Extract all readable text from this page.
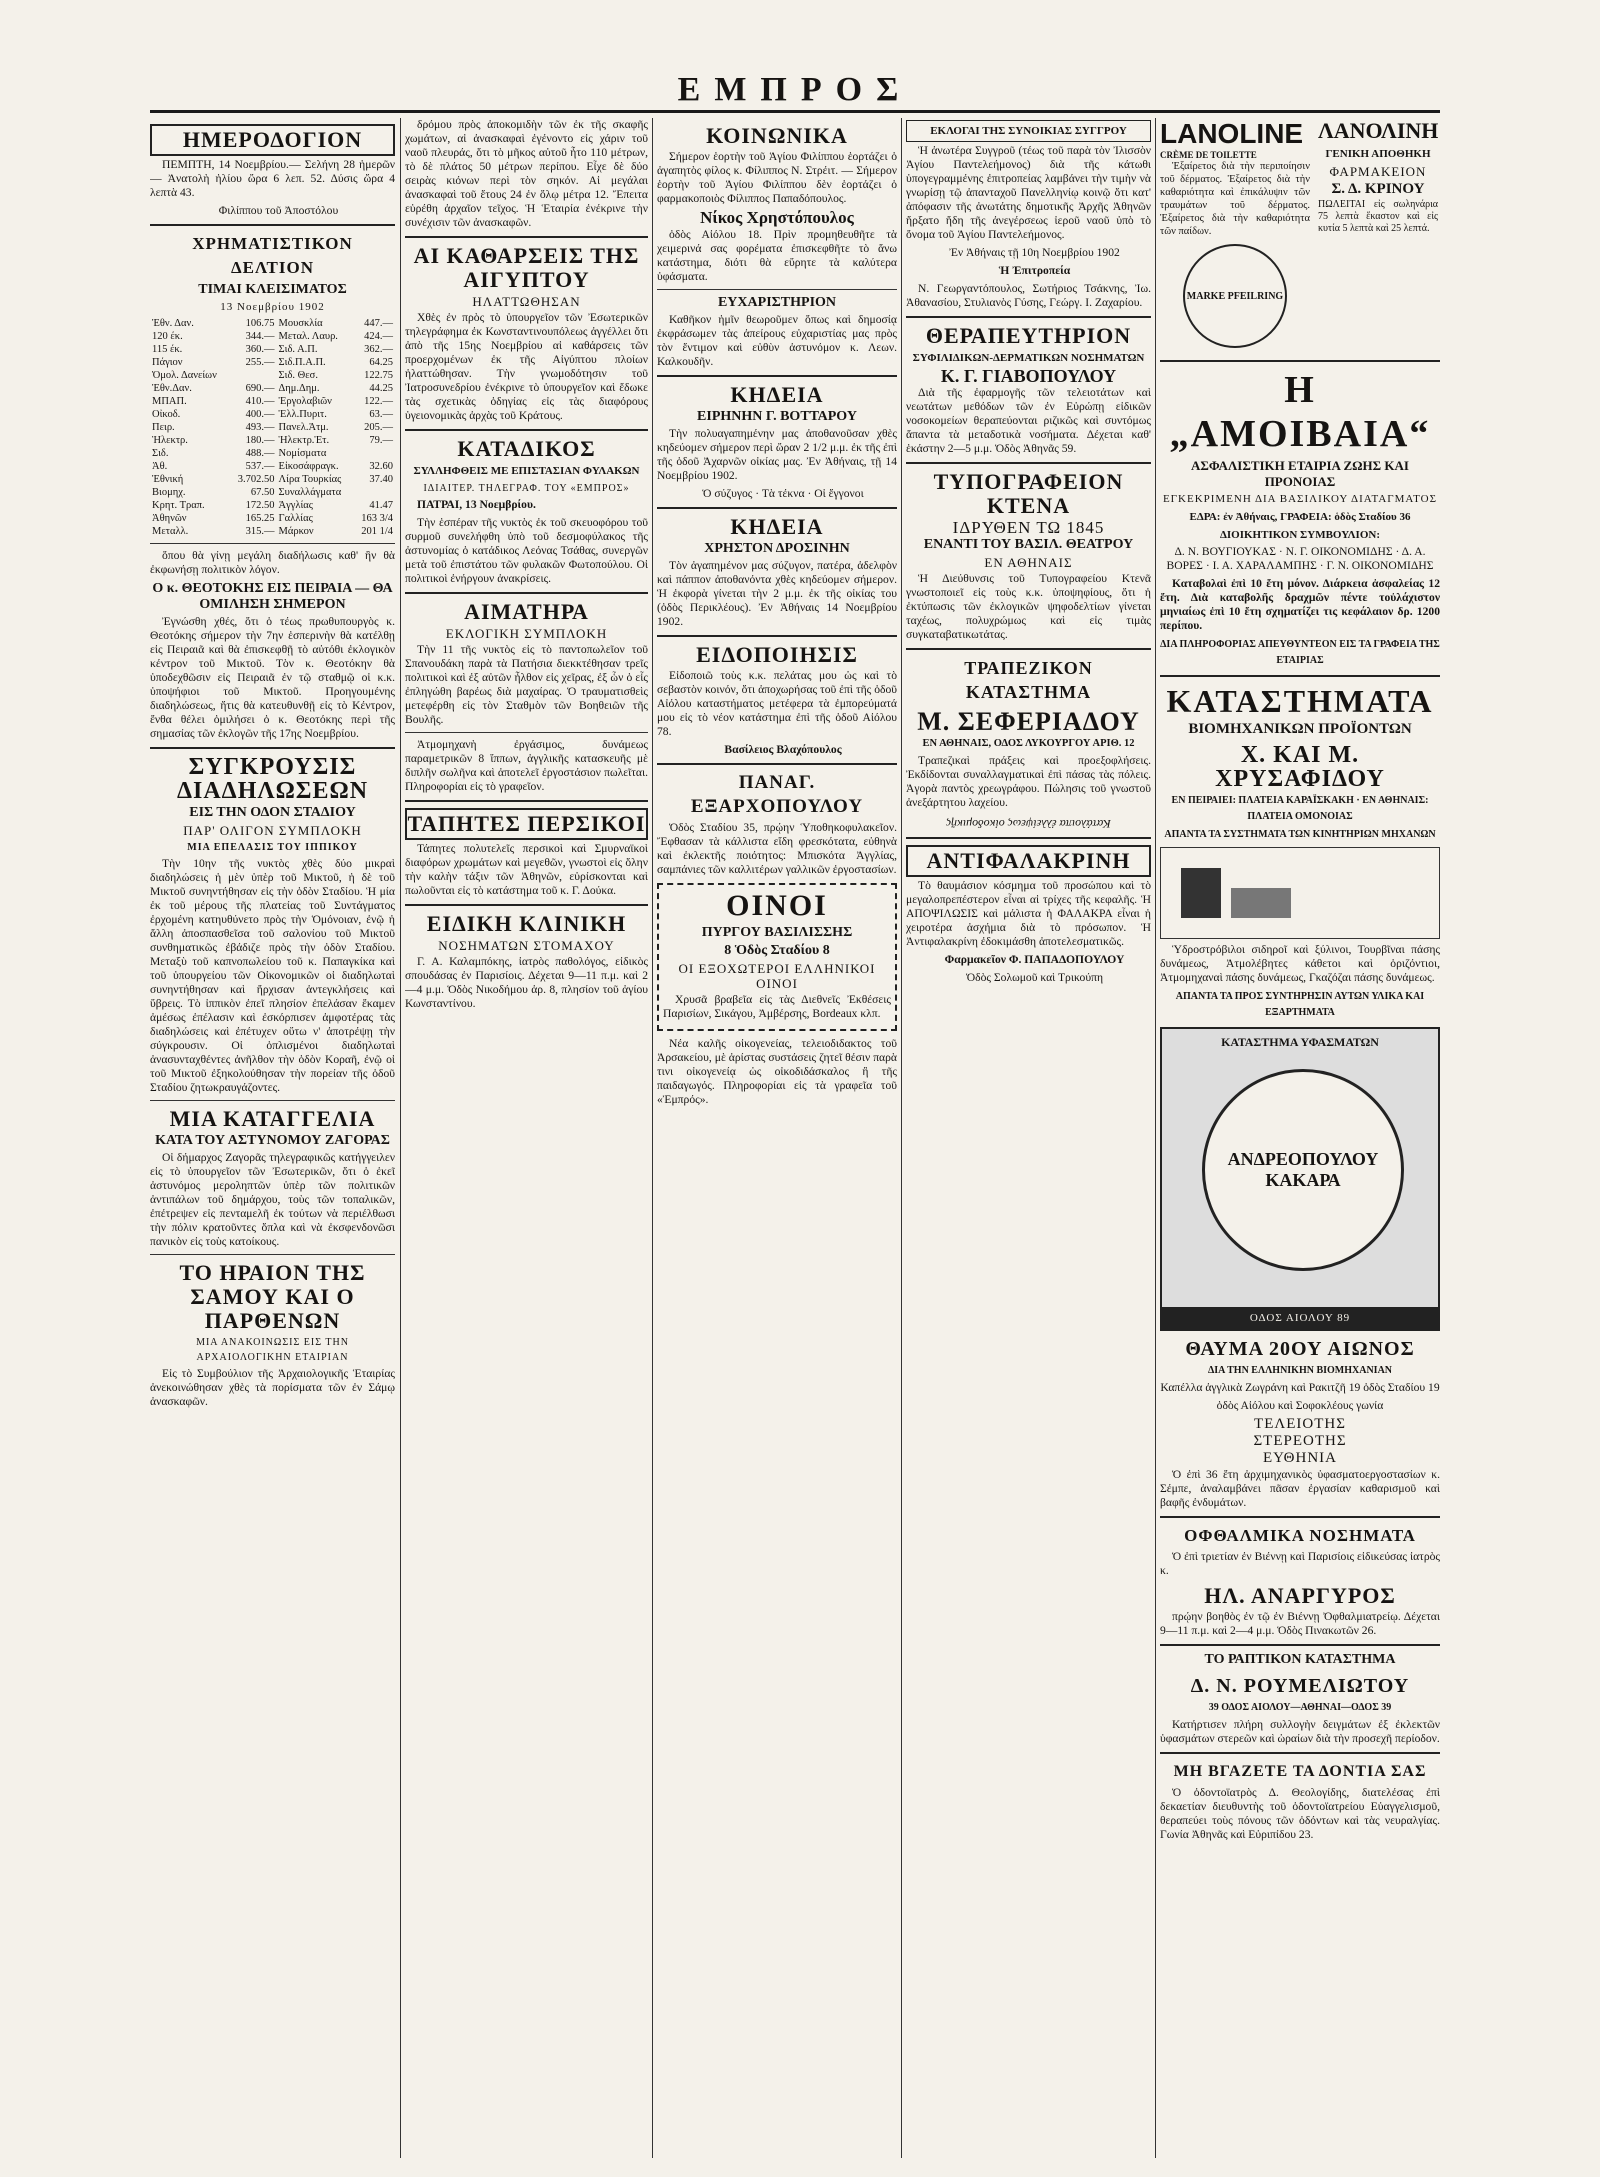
ΕΜΠΡΟΣ
ΗΜΕΡΟΔΟΓΙΟΝ

ΠΕΜΠΤΗ, 14 Νοεμβρίου.— Σελήνη 28 ἡμερῶν — Ἀνατολὴ ἡλίου ὥρα 6 λεπ. 52. Δύσις ὥρα 4 λεπτὰ 43.

Φιλίππου τοῦ Ἀποστόλου

ΧΡΗΜΑΤΙΣΤΙΚΟΝ ΔΕΛΤΙΟΝ
ΤΙΜΑΙ ΚΛΕΙΣΙΜΑΤΟΣ
13 Νοεμβρίου 1902
Ἐθν. Δαν.	106.75	Μουσκλία	447.—
120 έκ.	344.—	Μεταλ. Λαυρ.	424.—
115 έκ.	360.—	Σιδ. Α.Π.	362.—
Πάγιον	255.—	Σιδ.Π.Α.Π.	64.25
Ὁμολ. Δανείων		Σιδ. Θεσ.	122.75
Ἐθν.Δαν.	690.—	Δημ.Δημ.	44.25
ΜΠΑΠ.	410.—	Ἐργολαβιῶν	122.—
Οἰκοδ.	400.—	Ἑλλ.Πυριτ.	63.—
Πειρ.	493.—	Πανελ.Ἀτμ.	205.—
Ἡλεκτρ.	180.—	Ἡλεκτρ.Ἐτ.	79.—
Σιδ.	488.—	Νομίσματα	
Ἀθ.	537.—	Εἰκοσάφραγκ.	32.60
Ἐθνική	3.702.50	Λίρα Τουρκίας	37.40
Βιομηχ.	67.50	Συναλλάγματα	
Κρητ. Τραπ.	172.50	Ἀγγλίας	41.47
Ἀθηνῶν	165.25	Γαλλίας	163 3/4
Μεταλλ.	315.—	Μάρκον	201 1/4

ὅπου θὰ γίνῃ μεγάλη διαδήλωσις καθ' ἣν θὰ ἐκφωνήσῃ πολιτικὸν λόγον.

Ο κ. ΘΕΟΤΟΚΗΣ ΕΙΣ ΠΕΙΡΑΙΑ — ΘΑ ΟΜΙΛΗΣΗ ΣΗΜΕΡΟΝ

Ἐγνώσθη χθές, ὅτι ὁ τέως πρωθυπουργὸς κ. Θεοτόκης σήμερον τὴν 7ην ἑσπερινὴν θὰ κατέλθῃ εἰς Πειραιᾶ καὶ θὰ ἐπισκεφθῇ τὸ αὐτόθι ἐκλογικὸν κέντρον τοῦ Μικτοῦ. Τὸν κ. Θεοτόκην θὰ ὑποδεχθῶσιν εἰς Πειραιᾶ ἐν τῷ σταθμῷ οἱ κ.κ. ὑποψήφιοι τοῦ Μικτοῦ. Προηγουμένης διαδηλώσεως, ἥτις θὰ κατευθυνθῇ εἰς τὸ Κέντρον, ἔνθα θέλει ὁμιλήσει ὁ κ. Θεοτόκης περὶ τῆς σημασίας τῶν ἐκλογῶν τῆς 17ης Νοεμβρίου.

ΣΥΓΚΡΟΥΣΙΣ ΔΙΑΔΗΛΩΣΕΩΝ
ΕΙΣ ΤΗΝ ΟΔΟΝ ΣΤΑΔΙΟΥ
ΠΑΡ' ΟΛΙΓΟΝ ΣΥΜΠΛΟΚΗ
ΜΙΑ ΕΠΕΛΑΣΙΣ ΤΟΥ ΙΠΠΙΚΟΥ

Τὴν 10ην τῆς νυκτὸς χθὲς δύο μικραὶ διαδηλώσεις ἡ μὲν ὑπὲρ τοῦ Μικτοῦ, ἡ δὲ τοῦ Μικτοῦ συνηντήθησαν εἰς τὴν ὁδὸν Σταδίου. Ἡ μία ἐκ τοῦ μέρους τῆς πλατείας τοῦ Συντάγματος ἐρχομένη κατηυθύνετο πρὸς τὴν Ὁμόνοιαν, ἐνῷ ἡ ἄλλη ἀποσπασθεῖσα τοῦ σαλονίου τοῦ Μικτοῦ συνθηματικῶς ἐβάδιζε πρὸς τὴν ὁδὸν Σταδίου. Μεταξὺ τοῦ καπνοπωλείου τοῦ κ. Παπαγκίκα καὶ τοῦ ὑπουργείου τῶν Οἰκονομικῶν οἱ διαδηλωταὶ συνηντήθησαν καὶ ἤρχισαν ἀντεγκλήσεις καὶ ὕβρεις. Τὸ ἱππικὸν ἐπεῖ πλησίον ἐπελάσαν ἔκαμεν ἀμέσως ἐπέλασιν καὶ ἐσκόρπισεν ἀμφοτέρας τὰς διαδηλώσεις καὶ ἐπέτυχεν οὕτω ν' ἀποτρέψῃ τὴν σύγκρουσιν. Οἱ ὁπλισμένοι διαδηλωταὶ ἀνασυνταχθέντες ἀνῆλθον τὴν ὁδὸν Κοραῆ, ἐνῷ οἱ τοῦ Μικτοῦ ἐξηκολούθησαν τὴν πορείαν τῆς ὁδοῦ Σταδίου ζητωκραυγάζοντες.

ΜΙΑ ΚΑΤΑΓΓΕΛΙΑ
ΚΑΤΑ ΤΟΥ ΑΣΤΥΝΟΜΟΥ ΖΑΓΟΡΑΣ

Οἱ δήμαρχος Ζαγορᾶς τηλεγραφικῶς κατήγγειλεν εἰς τὸ ὑπουργεῖον τῶν Ἐσωτερικῶν, ὅτι ὁ ἐκεῖ ἀστυνόμος μεροληπτῶν ὑπὲρ τῶν πολιτικῶν ἀντιπάλων τοῦ δημάρχου, τοὺς τῶν τοπαλικῶν, ἐπέτρεψεν εἰς πενταμελῆ ἐκ τούτων νὰ περιέλθωσι τὴν πόλιν κρατοῦντες ὅπλα καὶ νὰ ἐκσφενδονῶσι πανικὸν εἰς τοὺς κατοίκους.

ΤΟ ΗΡΑΙΟΝ ΤΗΣ ΣΑΜΟΥ ΚΑΙ Ο ΠΑΡΘΕΝΩΝ
ΜΙΑ ΑΝΑΚΟΙΝΩΣΙΣ ΕΙΣ ΤΗΝ ΑΡΧΑΙΟΛΟΓΙΚΗΝ ΕΤΑΙΡΙΑΝ

Εἰς τὸ Συμβούλιον τῆς Ἀρχαιολογικῆς Ἑταιρίας ἀνεκοινώθησαν χθὲς τὰ πορίσματα τῶν ἐν Σάμῳ ἀνασκαφῶν.

δρόμου πρὸς ἀποκομιδὴν τῶν ἐκ τῆς σκαφῆς χωμάτων, αἱ ἀνασκαφαὶ ἐγένοντο εἰς χάριν τοῦ ναοῦ πλευράς, ὅτι τὸ μῆκος αὐτοῦ ἦτο 110 μέτρων, τὸ δὲ πλάτος 50 μέτρων περίπου. Εἶχε δὲ δύο σειρὰς κιόνων περὶ τὸν σηκόν. Αἱ μεγάλαι ἀνασκαφαὶ τοῦ ἔτους 24 ἐν ὅλῳ μέτρα 12. Ἔπειτα εὑρέθη ἀρχαῖον τεῖχος. Ἡ Ἑταιρία ἐνέκρινε τὴν συνέχισιν τῶν ἀνασκαφῶν.

ΑΙ ΚΑΘΑΡΣΕΙΣ ΤΗΣ ΑΙΓΥΠΤΟΥ
ΗΛΑΤΤΩΘΗΣΑΝ

Χθὲς ἐν πρὸς τὸ ὑπουργεῖον τῶν Ἐσωτερικῶν τηλεγράφημα ἐκ Κωνσταντινουπόλεως ἀγγέλλει ὅτι ἀπὸ τῆς 15ης Νοεμβρίου αἱ καθάρσεις τῶν προερχομένων ἐκ τῆς Αἰγύπτου πλοίων ἠλαττώθησαν. Τὴν γνωμοδότησιν τοῦ Ἰατροσυνεδρίου ἐνέκρινε τὸ ὑπουργεῖον καὶ ἔδωκε τὰς σχετικὰς ὁδηγίας εἰς τὰς διαφόρους ὑγειονομικὰς ἀρχὰς τοῦ Κράτους.

ΚΑΤΑΔΙΚΟΣ
ΣΥΛΛΗΦΘΕΙΣ ΜΕ ΕΠΙΣΤΑΣΙΑΝ ΦΥΛΑΚΩΝ
ΙΔΙΑΙΤΕΡ. ΤΗΛΕΓΡΑΦ. ΤΟΥ «ΕΜΠΡΟΣ»

ΠΑΤΡΑΙ, 13 Νοεμβρίου.

Τὴν ἑσπέραν τῆς νυκτὸς ἐκ τοῦ σκευοφόρου τοῦ συρμοῦ συνελήφθη ὑπὸ τοῦ δεσμοφύλακος τῆς ἀστυνομίας ὁ κατάδικος Λεόνας Τσάθας, συνεργῶν μετὰ τοῦ ἐπιστάτου τῶν φυλακῶν Φωτοπούλου. Οἱ πολιτικοὶ ἐνήργουν ἀνακρίσεις.

ΑΙΜΑΤΗΡΑ
ΕΚΛΟΓΙΚΗ ΣΥΜΠΛΟΚΗ

Τὴν 11 τῆς νυκτὸς εἰς τὸ παντοπωλεῖον τοῦ Σπανουδάκη παρὰ τὰ Πατήσια διεκκτέθησαν τρεῖς πολιτικοὶ καὶ ἐξ αὐτῶν ἦλθον εἰς χεῖρας, ἐξ ὧν ὁ εἷς ἐπληγώθη βαρέως διὰ μαχαίρας. Ὁ τραυματισθεὶς μετεφέρθη εἰς τὸν Σταθμὸν τῶν Βοηθειῶν τῆς Βουλῆς.

Ἀτμομηχανὴ ἐργάσιμος, δυνάμεως παραμετρικῶν 8 ἵππων, ἀγγλικῆς κατασκευῆς μὲ διπλῆν σωλῆνα καὶ ἀποτελεῖ ἐργοστάσιον πωλεῖται. Πληροφορίαι εἰς τὸ γραφεῖον.

ΤΑΠΗΤΕΣ ΠΕΡΣΙΚΟΙ

Τάπητες πολυτελεῖς περσικοὶ καὶ Σμυρναϊκοὶ διαφόρων χρωμάτων καὶ μεγεθῶν, γνωστοὶ εἰς ὅλην τὴν καλὴν τάξιν τῶν Ἀθηνῶν, εὑρίσκονται καὶ πωλοῦνται εἰς τὸ κατάστημα τοῦ κ. Γ. Δούκα.

ΕΙΔΙΚΗ ΚΛΙΝΙΚΗ
ΝΟΣΗΜΑΤΩΝ ΣΤΟΜΑΧΟΥ

Γ. Α. Καλαμπόκης, ἰατρὸς παθολόγος, εἰδικὸς σπουδάσας ἐν Παρισίοις. Δέχεται 9—11 π.μ. καὶ 2—4 μ.μ. Ὁδὸς Νικοδήμου ἀρ. 8, πλησίον τοῦ ἁγίου Κωνσταντίνου.

ΚΟΙΝΩΝΙΚΑ

Σήμερον ἑορτὴν τοῦ Ἁγίου Φιλίππου ἑορτάζει ὁ ἀγαπητὸς φίλος κ. Φίλιππος Ν. Στρέιτ. — Σήμερον ἑορτὴν τοῦ Ἁγίου Φιλίππου δὲν ἑορτάζει ὁ φαρμακοποιὸς Φίλιππος Παπαδόπουλος.

Νίκος Χρηστόπουλος

ὁδὸς Αἰόλου 18. Πρὶν προμηθευθῆτε τὰ χειμερινά σας φορέματα ἐπισκεφθῆτε τὸ ἄνω κατάστημα, διότι θὰ εὕρητε τὰ καλύτερα ὑφάσματα.

ΕΥΧΑΡΙΣΤΗΡΙΟΝ

Καθῆκον ἡμῖν θεωροῦμεν ὅπως καὶ δημοσίᾳ ἐκφράσωμεν τὰς ἀπείρους εὐχαριστίας μας πρὸς τὸν ἔντιμον καὶ εὐθὺν ἀστυνόμον κ. Λεων. Καλκουδῆν.

ΚΗΔΕΙΑ
ΕΙΡΗΝΗΝ Γ. ΒΟΤΤΑΡΟΥ

Τὴν πολυαγαπημένην μας ἀποθανοῦσαν χθὲς κηδεύομεν σήμερον περὶ ὥραν 2 1/2 μ.μ. ἐκ τῆς ἐπὶ τῆς ὁδοῦ Ἀχαρνῶν οἰκίας μας. Ἐν Ἀθήναις, τῇ 14 Νοεμβρίου 1902.

Ὁ σύζυγος · Τὰ τέκνα · Οἱ ἔγγονοι

ΚΗΔΕΙΑ
ΧΡΗΣΤΟΝ ΔΡΟΣΙΝΗΝ

Τὸν ἀγαπημένον μας σύζυγον, πατέρα, ἀδελφὸν καὶ πάππον ἀποθανόντα χθὲς κηδεύομεν σήμερον. Ἡ ἐκφορὰ γίνεται τὴν 2 μ.μ. ἐκ τῆς οἰκίας του (ὁδὸς Περικλέους). Ἐν Ἀθήναις 14 Νοεμβρίου 1902.

ΕΙΔΟΠΟΙΗΣΙΣ

Εἰδοποιῶ τοὺς κ.κ. πελάτας μου ὡς καὶ τὸ σεβαστὸν κοινόν, ὅτι ἀποχωρήσας τοῦ ἐπὶ τῆς ὁδοῦ Αἰόλου καταστήματος μετέφερα τὰ ἐμπορεύματά μου εἰς τὸ νέον κατάστημα ἐπὶ τῆς ὁδοῦ Αἰόλου 78.

Βασίλειος Βλαχόπουλος

ΠΑΝΑΓ. ΕΞΑΡΧΟΠΟΥΛΟΥ

Ὁδὸς Σταδίου 35, πρῴην Ὑποθηκοφυλακεῖον. Ἔφθασαν τὰ κάλλιστα εἴδη φρεσκότατα, εὐθηνὰ καὶ ἐκλεκτῆς ποιότητος: Μπισκότα Ἀγγλίας, σαμπάνιες τῶν καλλιτέρων γαλλικῶν ἐργοστασίων.

ΟΙΝΟΙ
ΠΥΡΓΟΥ ΒΑΣΙΛΙΣΣΗΣ
8 Ὁδὸς Σταδίου 8
ΟΙ ΕΞΟΧΩΤΕΡΟΙ ΕΛΛΗΝΙΚΟΙ ΟΙΝΟΙ

Χρυσᾶ βραβεῖα εἰς τὰς Διεθνεῖς Ἐκθέσεις Παρισίων, Σικάγου, Ἀμβέρσης, Bordeaux κλπ.

Νέα καλῆς οἰκογενείας, τελειοδιδακτος τοῦ Ἀρσακείου, μὲ ἀρίστας συστάσεις ζητεῖ θέσιν παρὰ τινι οἰκογενείᾳ ὡς οἰκοδιδάσκαλος ἢ τῆς παιδαγωγός. Πληροφορίαι εἰς τὰ γραφεῖα τοῦ «Ἐμπρός».

ΕΚΛΟΓΑΙ ΤΗΣ ΣΥΝΟΙΚΙΑΣ ΣΥΓΓΡΟΥ

Ἡ ἀνωτέρα Συγγροῦ (τέως τοῦ παρὰ τὸν Ἰλισσὸν Ἁγίου Παντελεήμονος) διὰ τῆς κάτωθι ὑπογεγραμμένης ἐπιτροπείας λαμβάνει τὴν τιμὴν νὰ γνωρίσῃ τῷ ἀπανταχοῦ Πανελληνίῳ κοινῷ ὅτι κατ' ἀπόφασιν τῆς ἀνωτάτης δημοτικῆς Ἀρχῆς Ἀθηνῶν ἤρξατο ἤδη τῆς ἀνεγέρσεως ἱεροῦ ναοῦ ὑπὸ τὸ ὄνομα τοῦ Ἁγίου Παντελεήμονος.

Ἐν Ἀθήναις τῇ 10η Νοεμβρίου 1902

Ἡ Ἐπιτροπεία

Ν. Γεωργαντόπουλος, Σωτήριος Τσάκνης, Ἰω. Ἀθανασίου, Στυλιανὸς Γύσης, Γεώργ. Ι. Ζαχαρίου.

ΘΕΡΑΠΕΥΤΗΡΙΟΝ
ΣΥΦΙΛΙΔΙΚΩΝ-ΔΕΡΜΑΤΙΚΩΝ ΝΟΣΗΜΑΤΩΝ
Κ. Γ. ΓΙΑΒΟΠΟΥΛΟΥ

Διὰ τῆς ἐφαρμογῆς τῶν τελειοτάτων καὶ νεωτάτων μεθόδων τῶν ἐν Εὐρώπῃ εἰδικῶν νοσοκομείων θεραπεύονται ριζικῶς καὶ συντόμως ἅπαντα τὰ μεταδοτικὰ νοσήματα. Δέχεται καθ' ἑκάστην 2—5 μ.μ. Ὁδὸς Ἀθηνᾶς 59.

ΤΥΠΟΓΡΑΦΕΙΟΝ ΚΤΕΝΑ
ΙΔΡΥΘΕΝ ΤΩ 1845
ΕΝΑΝΤΙ ΤΟΥ ΒΑΣΙΛ. ΘΕΑΤΡΟΥ
ΕΝ ΑΘΗΝΑΙΣ

Ἡ Διεύθυνσις τοῦ Τυπογραφείου Κτενᾶ γνωστοποιεῖ εἰς τοὺς κ.κ. ὑποψηφίους, ὅτι ἡ ἐκτύπωσις τῶν ἐκλογικῶν ψηφοδελτίων γίνεται ταχέως, πολυχρώμως καὶ εἰς τιμὰς συγκαταβατικωτάτας.

ΤΡΑΠΕΖΙΚΟΝ ΚΑΤΑΣΤΗΜΑ
Μ. ΣΕΦΕΡΙΑΔΟΥ
ΕΝ ΑΘΗΝΑΙΣ, ΟΔΟΣ ΛΥΚΟΥΡΓΟΥ ΑΡΙΘ. 12

Τραπεζικαὶ πράξεις καὶ προεξοφλήσεις. Ἐκδίδονται συναλλαγματικαὶ ἐπὶ πάσας τὰς πόλεις. Ἀγορὰ παντὸς χρεωγράφου. Πώλησις τοῦ γνωστοῦ ἀνεξάρτητου λαχείου.

Κατάλοιπα ἐλλείψεως οἰκοδομικῆς
ΑΝΤΙΦΑΛΑΚΡΙΝΗ

Τὸ θαυμάσιον κόσμημα τοῦ προσώπου καὶ τὸ μεγαλοπρεπέστερον εἶναι αἱ τρίχες τῆς κεφαλῆς. Ἡ ΑΠΟΨΙΛΩΣΙΣ καὶ μάλιστα ἡ ΦΑΛΑΚΡΑ εἶναι ἡ χειροτέρα ἀσχήμια διὰ τὸ πρόσωπον. Ἡ Ἀντιφαλακρίνη ἐδοκιμάσθη ἀποτελεσματικῶς.

Φαρμακεῖον Φ. ΠΑΠΑΔΟΠΟΥΛΟΥ

Ὁδὸς Σολωμοῦ καὶ Τρικούπη

LANOLINE
CRÈME DE TOILETTE

Ἐξαίρετος διὰ τὴν περιποίησιν τοῦ δέρματος. Ἐξαίρετος διὰ τὴν καθαριότητα καὶ ἐπικάλυψιν τῶν τραυμάτων τοῦ δέρματος. Ἐξαίρετος διὰ τὴν καθαριότητα τῶν παίδων.

MARKE PFEILRING
ΛΑΝΟΛΙΝΗ
ΓΕΝΙΚΗ ΑΠΟΘΗΚΗ
ΦΑΡΜΑΚΕΙΟΝ
Σ. Δ. ΚΡΙΝΟΥ

ΠΩΛΕΙΤΑΙ εἰς σωληνάρια 75 λεπτὰ ἕκαστον καὶ εἰς κυτία 5 λεπτὰ καὶ 25 λεπτά.

Η „ΑΜΟΙΒΑΙΑ“
ΑΣΦΑΛΙΣΤΙΚΗ ΕΤΑΙΡΙΑ ΖΩΗΣ ΚΑΙ ΠΡΟΝΟΙΑΣ
ΕΓΚΕΚΡΙΜΕΝΗ ΔΙΑ ΒΑΣΙΛΙΚΟΥ ΔΙΑΤΑΓΜΑΤΟΣ
ΕΔΡΑ: ἐν Ἀθήναις, ΓΡΑΦΕΙΑ: ὁδὸς Σταδίου 36
ΔΙΟΙΚΗΤΙΚΟΝ ΣΥΜΒΟΥΛΙΟΝ:

Δ. Ν. ΒΟΥΓΙΟΥΚΑΣ · Ν. Γ. ΟΙΚΟΝΟΜΙΔΗΣ · Δ. Α. ΒΟΡΕΣ · Ι. Α. ΧΑΡΑΛΑΜΠΗΣ · Γ. Ν. ΟΙΚΟΝΟΜΙΔΗΣ

Καταβολαὶ ἐπὶ 10 ἔτη μόνον. Διάρκεια ἀσφαλείας 12 ἔτη. Διὰ καταβολῆς δραχμῶν πέντε τοὐλάχιστον μηνιαίως ἐπὶ 10 ἔτη σχηματίζει τις κεφάλαιον δρ. 1200 περίπου.

ΔΙΑ ΠΛΗΡΟΦΟΡΙΑΣ ΑΠΕΥΘΥΝΤΕΟΝ ΕΙΣ ΤΑ ΓΡΑΦΕΙΑ ΤΗΣ ΕΤΑΙΡΙΑΣ
ΚΑΤΑΣΤΗΜΑΤΑ
ΒΙΟΜΗΧΑΝΙΚΩΝ ΠΡΟΪΟΝΤΩΝ
Χ. ΚΑΙ Μ. ΧΡΥΣΑΦΙΔΟΥ
ΕΝ ΠΕΙΡΑΙΕΙ: ΠΛΑΤΕΙΑ ΚΑΡΑΪΣΚΑΚΗ · ΕΝ ΑΘΗΝΑΙΣ: ΠΛΑΤΕΙΑ ΟΜΟΝΟΙΑΣ
ΑΠΑΝΤΑ ΤΑ ΣΥΣΤΗΜΑΤΑ ΤΩΝ ΚΙΝΗΤΗΡΙΩΝ ΜΗΧΑΝΩΝ

Ὑδροστρόβιλοι σιδηροῖ καὶ ξύλινοι, Τουρβῖναι πάσης δυνάμεως, Ἀτμολέβητες κάθετοι καὶ ὁριζόντιοι, Ἀτμομηχαναὶ πάσης δυνάμεως, Γκαζόζαι πάσης δυνάμεως.

ΑΠΑΝΤΑ ΤΑ ΠΡΟΣ ΣΥΝΤΗΡΗΣΙΝ ΑΥΤΩΝ ΥΛΙΚΑ ΚΑΙ ΕΞΑΡΤΗΜΑΤΑ
ΚΑΤΑΣΤΗΜΑ ΥΦΑΣΜΑΤΩΝ
ΑΝΔΡΕΟΠΟΥΛΟΥ ΚΑΚΑΡΑ
ΟΔΟΣ ΑΙΟΛΟΥ 89
ΘΑΥΜΑ 20ΟΥ ΑΙΩΝΟΣ
ΔΙΑ ΤΗΝ ΕΛΛΗΝΙΚΗΝ ΒΙΟΜΗΧΑΝΙΑΝ

Καπέλλα ἀγγλικὰ Ζωγράνη καὶ Ρακιτζῆ 19 ὁδὸς Σταδίου 19

ὁδὸς Αἰόλου καὶ Σοφοκλέους γωνία

ΤΕΛΕΙΟΤΗΣ
ΣΤΕΡΕΟΤΗΣ
ΕΥΘΗΝΙΑ

Ὁ ἐπὶ 36 ἔτη ἀρχιμηχανικὸς ὑφασματοεργοστασίων κ. Σέμπε, ἀναλαμβάνει πᾶσαν ἐργασίαν καθαρισμοῦ καὶ βαφῆς ἐνδυμάτων.

ΟΦΘΑΛΜΙΚΑ ΝΟΣΗΜΑΤΑ

Ὁ ἐπὶ τριετίαν ἐν Βιέννῃ καὶ Παρισίοις εἰδικεύσας ἰατρὸς κ.

ΗΛ. ΑΝΑΡΓΥΡΟΣ

πρῴην βοηθὸς ἐν τῷ ἐν Βιέννῃ Ὀφθαλμιατρείῳ. Δέχεται 9—11 π.μ. καὶ 2—4 μ.μ. Ὁδὸς Πινακωτῶν 26.

ΤΟ ΡΑΠΤΙΚΟΝ ΚΑΤΑΣΤΗΜΑ
Δ. Ν. ΡΟΥΜΕΛΙΩΤΟΥ
39 ΟΔΟΣ ΑΙΟΛΟΥ—ΑΘΗΝΑΙ—ΟΔΟΣ 39

Κατήρτισεν πλήρη συλλογὴν δειγμάτων ἐξ ἐκλεκτῶν ὑφασμάτων στερεῶν καὶ ὡραίων διὰ τὴν προσεχῆ περίοδον.

ΜΗ ΒΓΑΖΕΤΕ ΤΑ ΔΟΝΤΙΑ ΣΑΣ

Ὁ ὀδοντοϊατρὸς Δ. Θεολογίδης, διατελέσας ἐπὶ δεκαετίαν διευθυντὴς τοῦ ὀδοντοϊατρείου Εὐαγγελισμοῦ, θεραπεύει τοὺς πόνους τῶν ὀδόντων καὶ τὰς νευραλγίας. Γωνία Ἀθηνᾶς καὶ Εὐριπίδου 23.
